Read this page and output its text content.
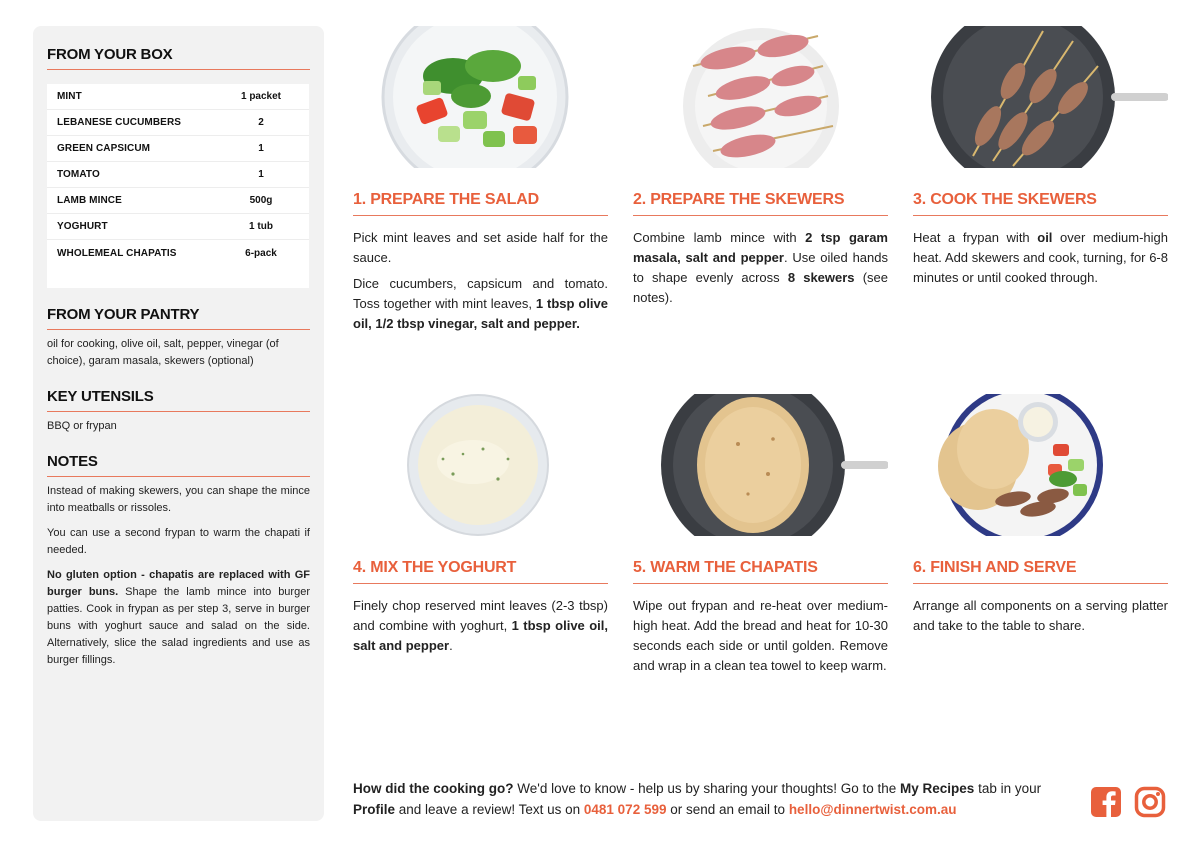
FROM YOUR BOX
MINT	1 packet
LEBANESE CUCUMBERS	2
GREEN CAPSICUM	1
TOMATO	1
LAMB MINCE	500g
YOGHURT	1 tub
WHOLEMEAL CHAPATIS	6-pack
FROM YOUR PANTRY

oil for cooking, olive oil, salt, pepper, vinegar (of choice), garam masala, skewers (optional)

KEY UTENSILS

BBQ or frypan

NOTES

Instead of making skewers, you can shape the mince into meatballs or rissoles.

You can use a second frypan to warm the chapati if needed.

No gluten option - chapatis are replaced with GF burger buns. Shape the lamb mince into burger patties. Cook in frypan as per step 3, serve in burger buns with yoghurt sauce and salad on the side. Alternatively, slice the salad ingredients and use as burger fillings.

1. PREPARE THE SALAD

Pick mint leaves and set aside half for the sauce.

Dice cucumbers, capsicum and tomato. Toss together with mint leaves, 1 tbsp olive oil, 1/2 tbsp vinegar, salt and pepper.

2. PREPARE THE SKEWERS

Combine lamb mince with 2 tsp garam masala, salt and pepper. Use oiled hands to shape evenly across 8 skewers (see notes).

3. COOK THE SKEWERS

Heat a frypan with oil over medium-high heat. Add skewers and cook, turning, for 6-8 minutes or until cooked through.

4. MIX THE YOGHURT

Finely chop reserved mint leaves (2-3 tbsp) and combine with yoghurt, 1 tbsp olive oil, salt and pepper.

5. WARM THE CHAPATIS

Wipe out frypan and re-heat over medium-high heat. Add the bread and heat for 10-30 seconds each side or until golden. Remove and wrap in a clean tea towel to keep warm.

6. FINISH AND SERVE

Arrange all components on a serving platter and take to the table to share.

How did the cooking go? We'd love to know - help us by sharing your thoughts! Go to the My Recipes tab in your Profile and leave a review! Text us on 0481 072 599 or send an email to hello@dinnertwist.com.au
